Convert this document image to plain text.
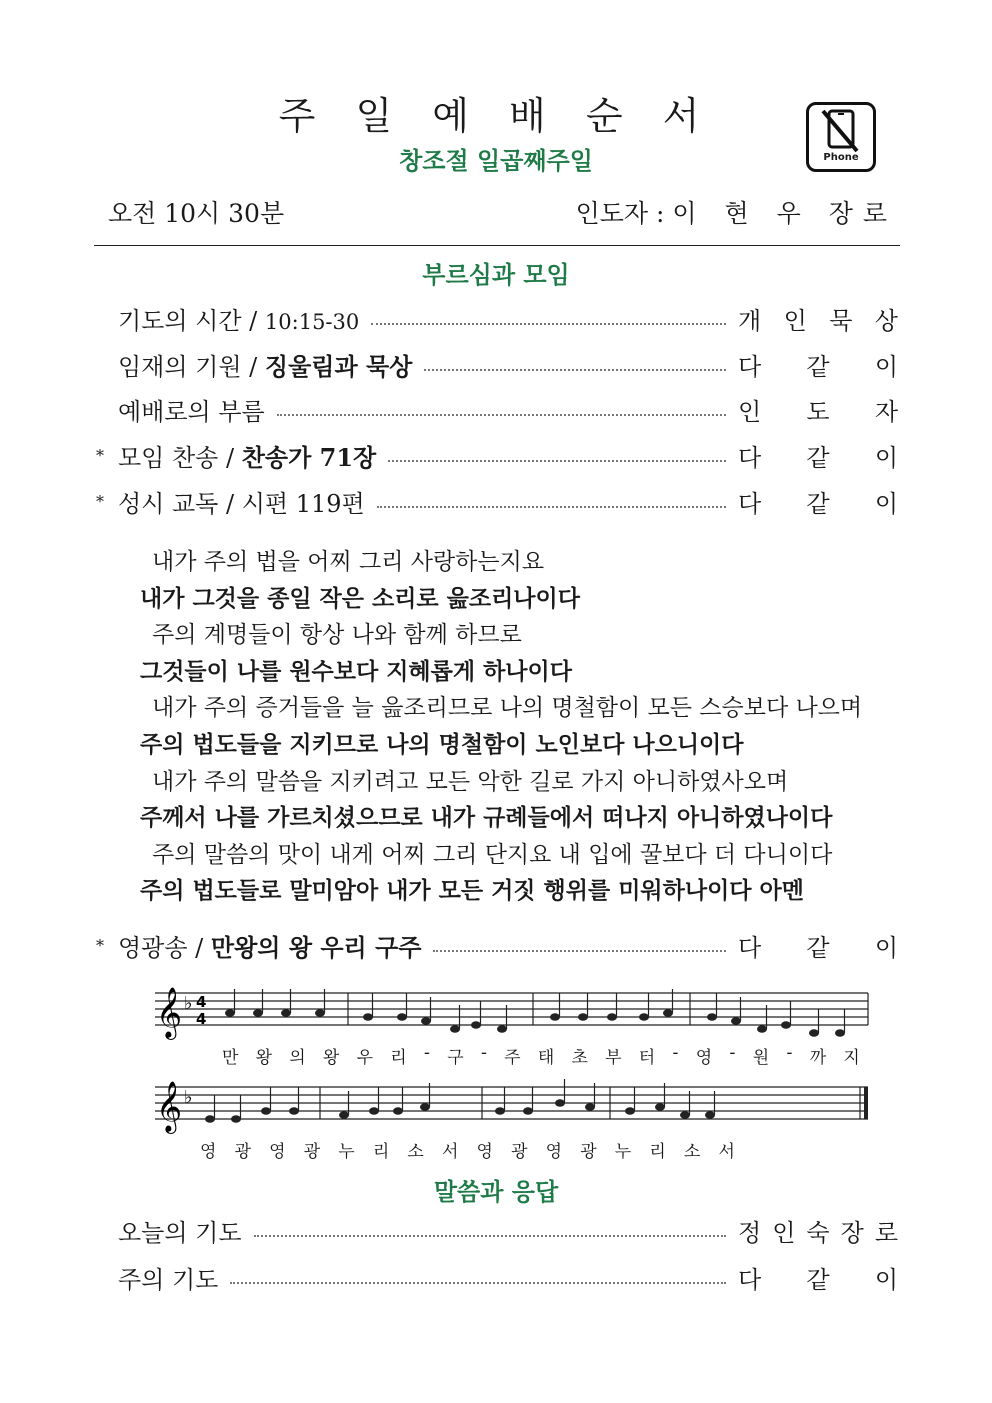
주 일 예 배 순 서
창조절 일곱째주일	Phone
오전 10시 30분	인도자 : 이 현 우 장로
부르심과 모임
기도의 시간 / 10:15-30	개 인 묵 상
임재의 기원 / 징울림과 묵상	다 같 이
예배로의 부름	인 도 자
* 모임 찬송 / 찬송가 71장	다 같 이
* 성시 교독 / 시편 119편	다 같 이
내가 주의 법을 어찌 그리 사랑하는지요
내가 그것을 종일 작은 소리로 읊조리나이다
주의 계명들이 항상 나와 함께 하므로
그것들이 나를 원수보다 지혜롭게 하나이다
내가 주의 증거들을 늘 읊조리므로 나의 명철함이 모든 스승보다 나으며
주의 법도들을 지키므로 나의 명철함이 노인보다 나으니이다
내가 주의 말씀을 지키려고 모든 악한 길로 가지 아니하였사오며
주께서 나를 가르치셨으므로 내가 규례들에서 떠나지 아니하였나이다
주의 말씀의 맛이 내게 어찌 그리 단지요 내 입에 꿀보다 더 다니이다
주의 법도들로 말미암아 내가 모든 거짓 행위를 미워하나이다 아멘
* 영광송 / 만왕의 왕 우리 구주	다 같 이
𝄞 ♭ 4
4
𝄞 ♭
만 왕 의 왕 우 리 - 구 - 주 태 초 부 터 - 영 - 원 - 까 지
영 광 영 광 누 리 소 서 영 광 영 광 누 리 소 서
말씀과 응답
오늘의 기도	정 인 숙 장 로
주의 기도	다 같 이
